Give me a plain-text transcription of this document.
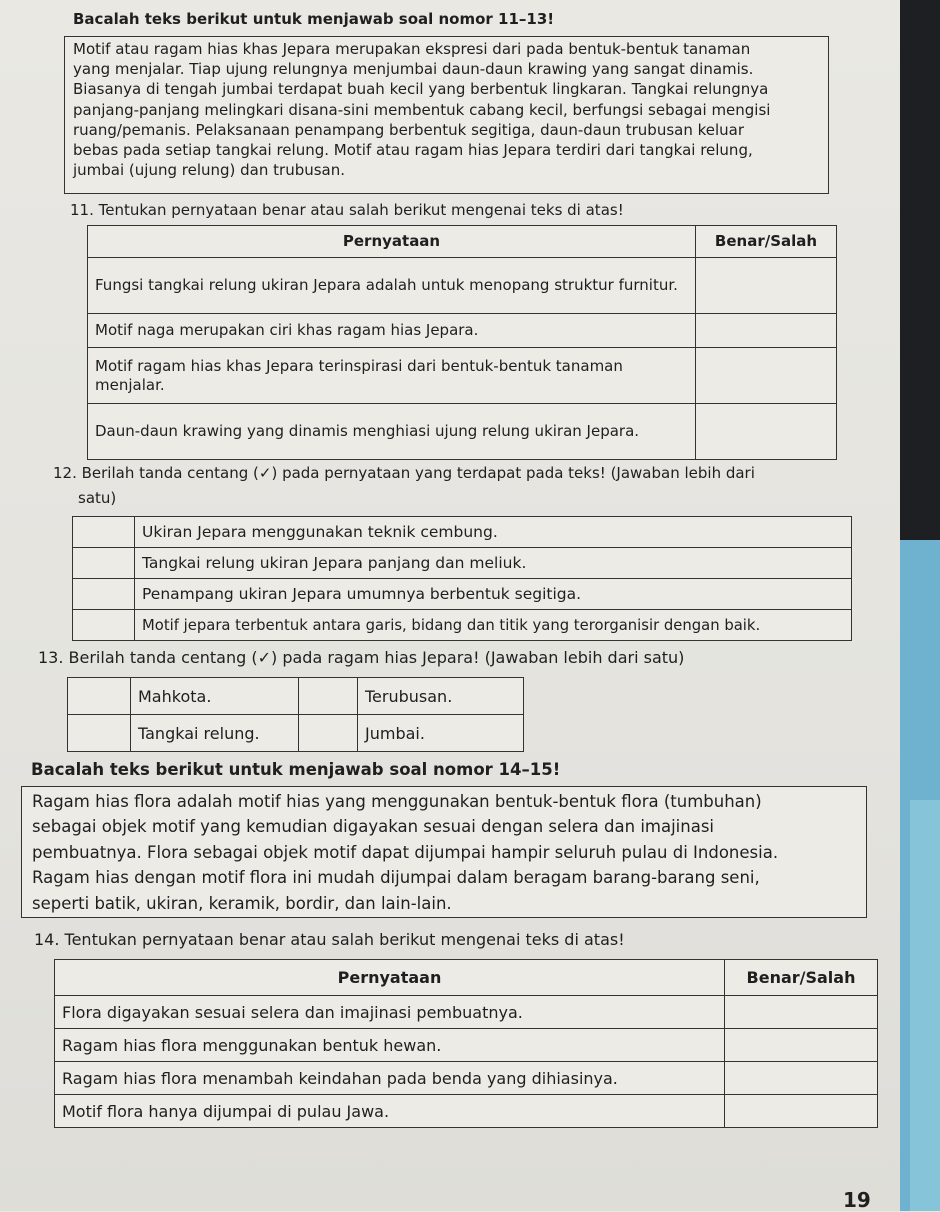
Bacalah teks berikut untuk menjawab soal nomor 11–13!

Motif atau ragam hias khas Jepara merupakan ekspresi dari pada bentuk-bentuk tanaman

yang menjalar. Tiap ujung relungnya menjumbai daun-daun krawing yang sangat dinamis.

Biasanya di tengah jumbai terdapat buah kecil yang berbentuk lingkaran. Tangkai relungnya

panjang-panjang melingkari disana-sini membentuk cabang kecil, berfungsi sebagai mengisi

ruang/pemanis. Pelaksanaan penampang berbentuk segitiga, daun-daun trubusan keluar

bebas pada setiap tangkai relung. Motif atau ragam hias Jepara terdiri dari tangkai relung,

jumbai (ujung relung) dan trubusan.

11. Tentukan pernyataan benar atau salah berikut mengenai teks di atas!
Pernyataan	Benar/Salah
Fungsi tangkai relung ukiran Jepara adalah untuk menopang struktur furnitur.	
Motif naga merupakan ciri khas ragam hias Jepara.	
Motif ragam hias khas Jepara terinspirasi dari bentuk-bentuk tanaman menjalar.	
Daun-daun krawing yang dinamis menghiasi ujung relung ukiran Jepara.	
12. Berilah tanda centang (✓) pada pernyataan yang terdapat pada teks! (Jawaban lebih dari
satu)
	Ukiran Jepara menggunakan teknik cembung.
	Tangkai relung ukiran Jepara panjang dan meliuk.
	Penampang ukiran Jepara umumnya berbentuk segitiga.
	Motif jepara terbentuk antara garis, bidang dan titik yang terorganisir dengan baik.
13. Berilah tanda centang (✓) pada ragam hias Jepara! (Jawaban lebih dari satu)
	Mahkota.		Terubusan.
	Tangkai relung.		Jumbai.
Bacalah teks berikut untuk menjawab soal nomor 14–15!

Ragam hias flora adalah motif hias yang menggunakan bentuk-bentuk flora (tumbuhan)

sebagai objek motif yang kemudian digayakan sesuai dengan selera dan imajinasi

pembuatnya. Flora sebagai objek motif dapat dijumpai hampir seluruh pulau di Indonesia.

Ragam hias dengan motif flora ini mudah dijumpai dalam beragam barang-barang seni,

seperti batik, ukiran, keramik, bordir, dan lain-lain.

14. Tentukan pernyataan benar atau salah berikut mengenai teks di atas!
Pernyataan	Benar/Salah
Flora digayakan sesuai selera dan imajinasi pembuatnya.	
Ragam hias flora menggunakan bentuk hewan.	
Ragam hias flora menambah keindahan pada benda yang dihiasinya.	
Motif flora hanya dijumpai di pulau Jawa.	
19
